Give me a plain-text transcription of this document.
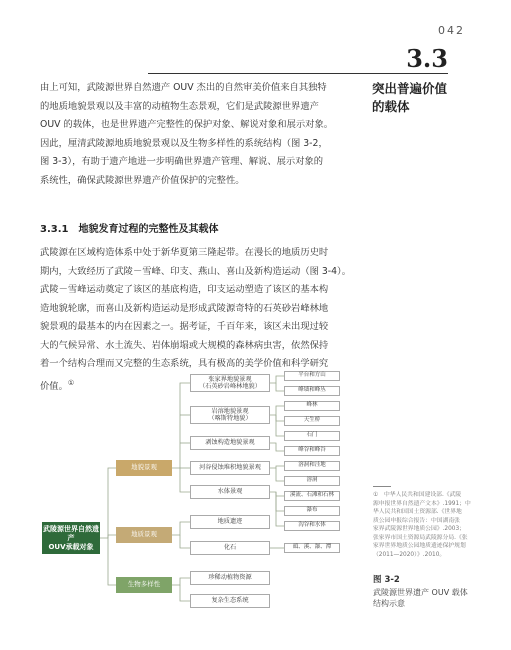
042
3.3
突出普遍价值
的载体
由上可知，武陵源世界自然遗产 OUV 杰出的自然审美价值来自其独特
的地质地貌景观以及丰富的动植物生态景观，它们是武陵源世界遗产
OUV 的载体，也是世界遗产完整性的保护对象、解说对象和展示对象。
因此，厘清武陵源地质地貌景观以及生物多样性的系统结构（图 3-2，
图 3-3），有助于遗产地进一步明确世界遗产管理、解说、展示对象的
系统性，确保武陵源世界遗产价值保护的完整性。
3.3.1 地貌发育过程的完整性及其载体
武陵源在区域构造体系中处于新华夏第三隆起带。在漫长的地质历史时
期内，大致经历了武陵－雪峰、印支、燕山、喜山及新构造运动（图 3-4）。
武陵－雪峰运动奠定了该区的基底构造，印支运动塑造了该区的基本构
造地貌轮廓，而喜山及新构造运动是形成武陵源奇特的石英砂岩峰林地
貌景观的最基本的内在因素之一。据考证，千百年来，该区未出现过较
大的气候异常、水土流失、岩体崩塌或大规模的森林病虫害，依然保持
着一个结构合理而又完整的生态系统，具有极高的美学价值和科学研究
价值。①
武陵源世界自然遗产
OUV承载对象
地貌景观
地质景观
生物多样性
张家界地貌景观
（石英砂岩峰林地貌）
岩溶地貌景观
（喀斯特地貌）
剥蚀构造地貌景观
河谷侵蚀堆积地貌景观
水体景观
地质遗迹
化石
珍稀动植物资源
复杂生态系统
平台和方山
峰墙和峰丛
峰林
天生桥
石门
峰谷和峰谷
溶洞和洼地
溶洞
溪流、石滩和石林
瀑布
沟谷和水体
頭、溪、瀑、潭
①　中华人民共和国建设部.《武陵
源申报世界自然遗产文本》.1991；中
华人民共和国国土资源部.《世界地
质公园申报综合报告：中国湖南张
家界武陵源世界地质公园》.2003；
张家界市国土资源局武陵源分局.《张
家界世界地质公园地质遗迹保护规划
（2011—2020）》.2010。
图 3-2
武陵源世界遗产 OUV 载体
结构示意
